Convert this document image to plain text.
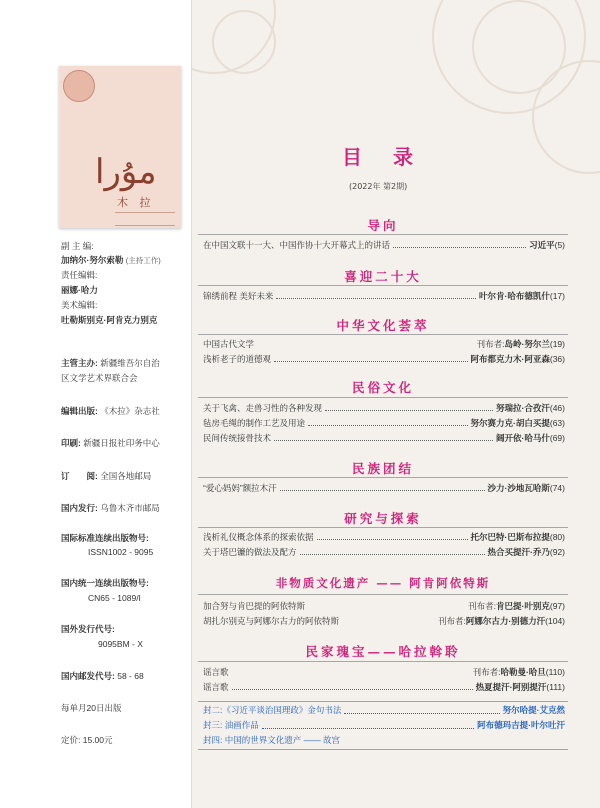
مۇرا
木 拉
副 主 编:
加纳尔·努尔索勒 (主持工作)
责任编辑:
丽娜·哈力
美术编辑:
吐勒斯别克·阿肯克力别克
主管主办: 新疆维吾尔自治
区文学艺术界联合会
编辑出版: 《木拉》杂志社
印刷: 新疆日报社印务中心
订　　阅: 全国各地邮局
国内发行: 乌鲁木齐市邮局
国际标准连续出版物号:
ISSN1002 - 9095
国内统一连续出版物号:
CN65 - 1089/I
国外发行代号:
9095BM - X
国内邮发代号: 58 - 68
每单月20日出版
定价: 15.00元
目 录
(2022年 第2期)
导向
在中国文联十一大、中国作协十大开幕式上的讲话	习近平 (5)
喜迎二十大
锦绣前程 美好未来	叶尔肯·哈布德凯什 (17)
中华文化荟萃
中国古代文学	刊布者: 岛岭·努尔兰 (19)
浅析老子的道德观	阿布都克力木·阿亚森 (36)
民俗文化
关于飞禽、走兽习性的各种发现	努瑞拉·合孜汗 (46)
毡房毛绳的制作工艺及用途	努尔赛力克·胡白买提 (63)
民间传统接骨技术	阔开依·哈马什 (69)
民族团结
“爱心妈妈”额拉木汗	沙力·沙地瓦哈斯 (74)
研究与探索
浅析礼仪概念体系的探索依据	托尔巴特·巴斯布拉提 (80)
关于塔巴镰的做法及配方	热合买提汗·乔乃 (92)
非物质文化遗产 —— 阿肯阿依特斯
加合努与肯巴提的阿依特斯	刊布者: 肯巴提·叶别克 (97)
胡扎尔别克与阿娜尔古力的阿依特斯	刊布者: 阿娜尔古力·别德力汗 (104)
民家瑰宝——哈拉斡聆
谣言歌	刊布者: 哈勒曼·哈旦 (110)
谣言歌	热夏提汗·阿别提汗 (111)
封二:《习近平谈治国理政》金句书法	努尔哈提·艾克然
封三: 油画作品	阿布德玛吉提·叶尔吐汗
封四: 中国的世界文化遗产 —— 故宫
